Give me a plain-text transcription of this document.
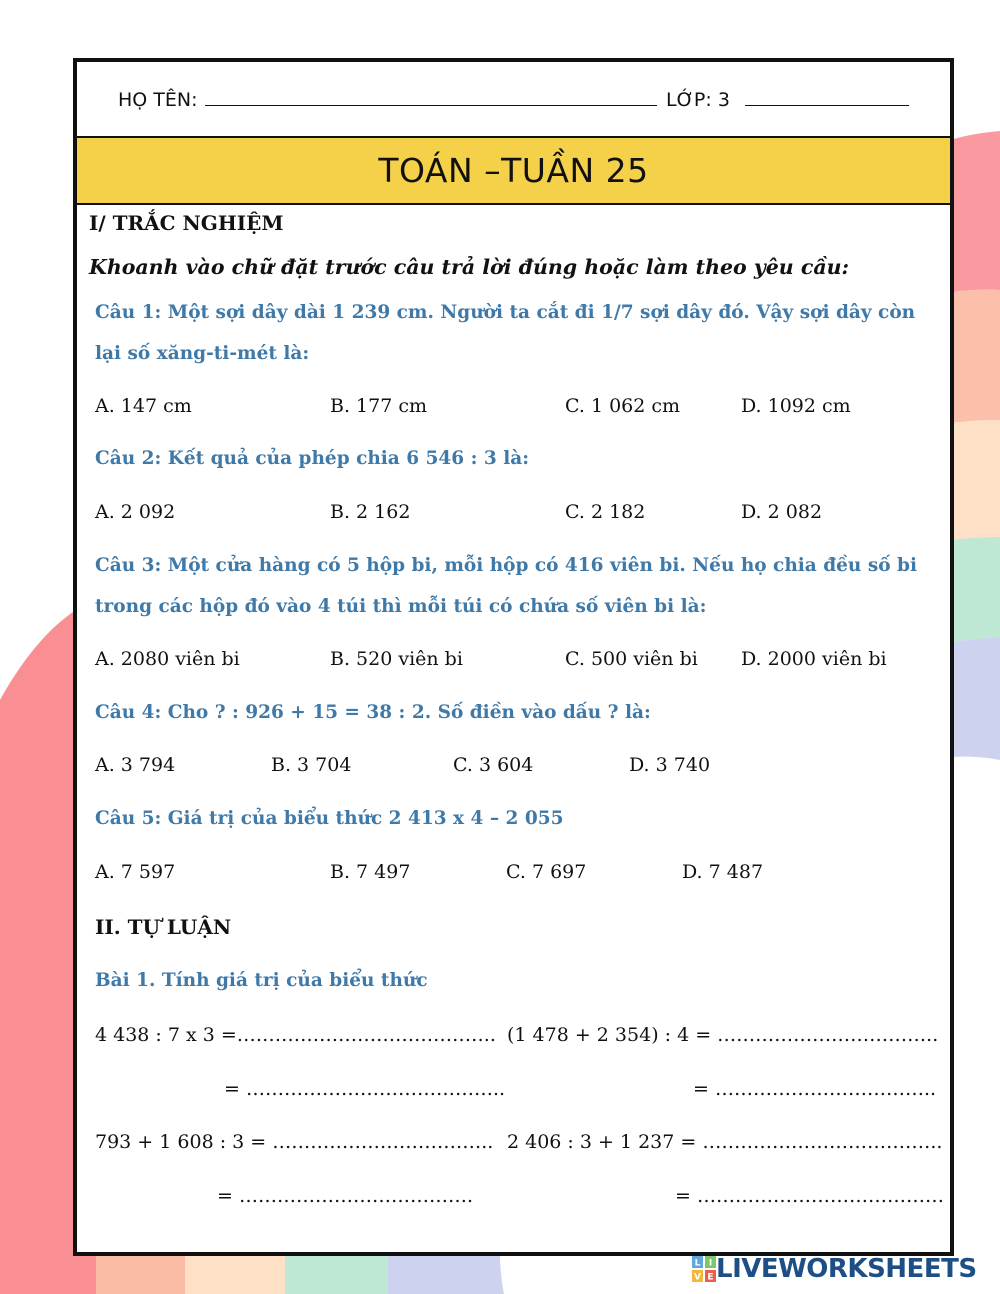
HỌ TÊN:	LỚP: 3
TOÁN –TUẦN 25
I/ TRẮC NGHIỆM
Khoanh vào chữ đặt trước câu trả lời đúng hoặc làm theo yêu cầu:
Câu 1: Một sợi dây dài 1 239 cm. Người ta cắt đi 1/7 sợi dây đó. Vậy sợi dây còn
lại số xăng-ti-mét là:
A. 147 cm	B. 177 cm	C. 1 062 cm	D. 1092 cm
Câu 2: Kết quả của phép chia 6 546 : 3 là:
A. 2 092	B. 2 162	C. 2 182	D. 2 082
Câu 3: Một cửa hàng có 5 hộp bi, mỗi hộp có 416 viên bi. Nếu họ chia đều số bi
trong các hộp đó vào 4 túi thì mỗi túi có chứa số viên bi là:
A. 2080 viên bi	B. 520 viên bi	C. 500 viên bi D. 2000 viên bi
Câu 4: Cho ? : 926 + 15 = 38 : 2. Số điền vào dấu ? là:
A. 3 794	B. 3 704	C. 3 604	D. 3 740
Câu 5: Giá trị của biểu thức 2 413 x 4 – 2 055
A. 7 597	B. 7 497	C. 7 697	D. 7 487
II. TỰ LUẬN
Bài 1. Tính giá trị của biểu thức
4 438 : 7 x 3 =………………………………….. (1 478 + 2 354) : 4 = ……………………………..
= …………………………………..	= ……………………………..
793 + 1 608 : 3 = …………………………….. 2 406 : 3 + 1 237 = ………………………………..
= ……………………………….	= …………………………………
L I
V E LIVEWORKSHEETS
